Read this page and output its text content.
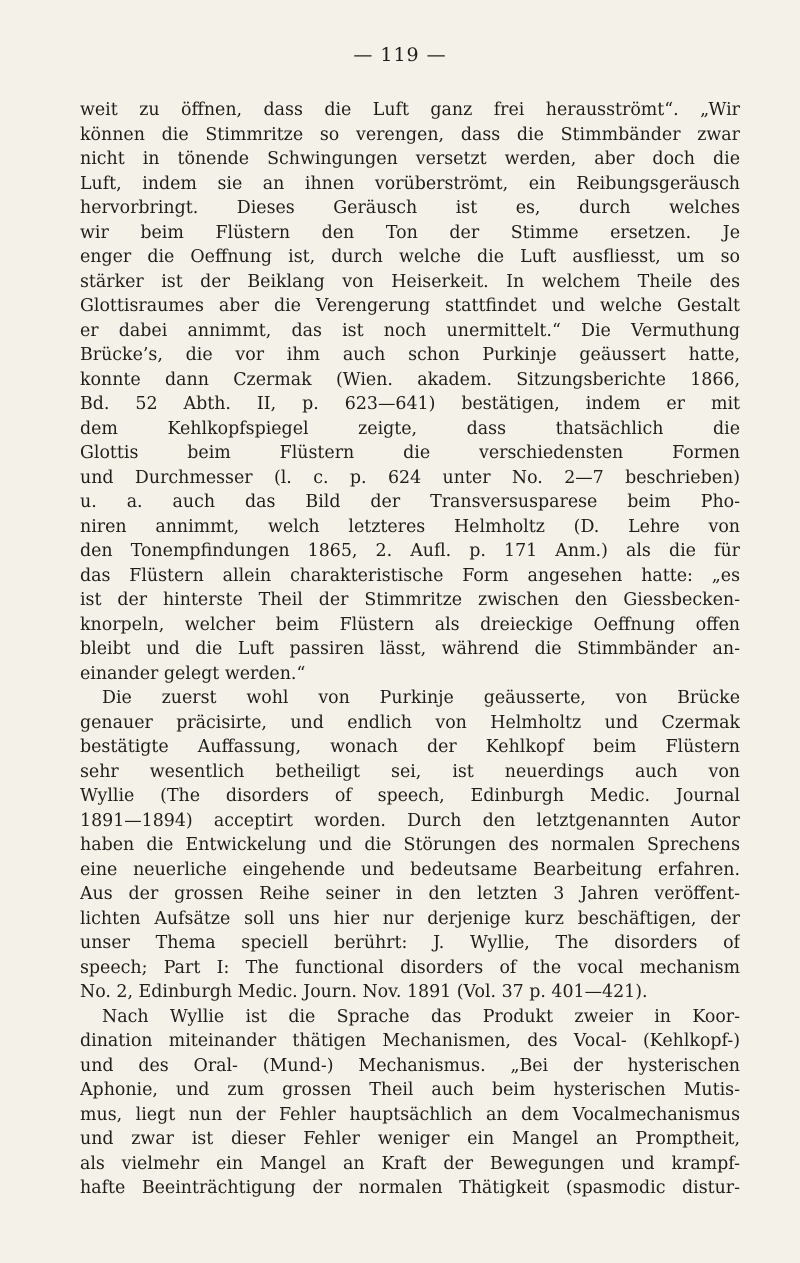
— 119 —
weit zu öffnen, dass die Luft ganz frei herausströmt“. „Wir
können die Stimmritze so verengen, dass die Stimmbänder zwar
nicht in tönende Schwingungen versetzt werden, aber doch die
Luft, indem sie an ihnen vorüberströmt, ein Reibungsgeräusch
hervorbringt. Dieses Geräusch ist es, durch welches
wir beim Flüstern den Ton der Stimme ersetzen. Je
enger die Oeffnung ist, durch welche die Luft ausfliesst, um so
stärker ist der Beiklang von Heiserkeit. In welchem Theile des
Glottisraumes aber die Verengerung stattfindet und welche Gestalt
er dabei annimmt, das ist noch unermittelt.“ Die Vermuthung
Brücke’s, die vor ihm auch schon Purkinje geäussert hatte,
konnte dann Czermak (Wien. akadem. Sitzungsberichte 1866,
Bd. 52 Abth. II, p. 623—641) bestätigen, indem er mit
dem Kehlkopfspiegel zeigte, dass thatsächlich die
Glottis beim Flüstern die verschiedensten Formen
und Durchmesser (l. c. p. 624 unter No. 2—7 beschrieben)
u. a. auch das Bild der Transversusparese beim Pho-
niren annimmt, welch letzteres Helmholtz (D. Lehre von
den Tonempfindungen 1865, 2. Aufl. p. 171 Anm.) als die für
das Flüstern allein charakteristische Form angesehen hatte: „es
ist der hinterste Theil der Stimmritze zwischen den Giessbecken-
knorpeln, welcher beim Flüstern als dreieckige Oeffnung offen
bleibt und die Luft passiren lässt, während die Stimmbänder an-
einander gelegt werden.“
Die zuerst wohl von Purkinje geäusserte, von Brücke
genauer präcisirte, und endlich von Helmholtz und Czermak
bestätigte Auffassung, wonach der Kehlkopf beim Flüstern
sehr wesentlich betheiligt sei, ist neuerdings auch von
Wyllie (The disorders of speech, Edinburgh Medic. Journal
1891—1894) acceptirt worden. Durch den letztgenannten Autor
haben die Entwickelung und die Störungen des normalen Sprechens
eine neuerliche eingehende und bedeutsame Bearbeitung erfahren.
Aus der grossen Reihe seiner in den letzten 3 Jahren veröffent-
lichten Aufsätze soll uns hier nur derjenige kurz beschäftigen, der
unser Thema speciell berührt: J. Wyllie, The disorders of
speech; Part I: The functional disorders of the vocal mechanism
No. 2, Edinburgh Medic. Journ. Nov. 1891 (Vol. 37 p. 401—421).
Nach Wyllie ist die Sprache das Produkt zweier in Koor-
dination miteinander thätigen Mechanismen, des Vocal- (Kehlkopf-)
und des Oral- (Mund-) Mechanismus. „Bei der hysterischen
Aphonie, und zum grossen Theil auch beim hysterischen Mutis-
mus, liegt nun der Fehler hauptsächlich an dem Vocalmechanismus
und zwar ist dieser Fehler weniger ein Mangel an Promptheit,
als vielmehr ein Mangel an Kraft der Bewegungen und krampf-
hafte Beeinträchtigung der normalen Thätigkeit (spasmodic distur-
